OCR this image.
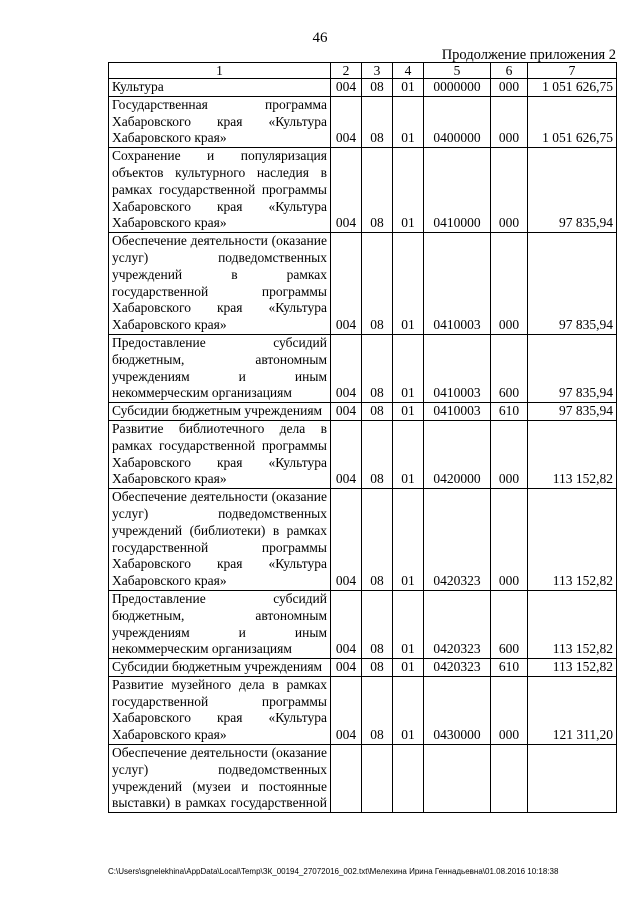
46
Продолжение приложения 2
1	2	3	4	5	6	7
Культура	004	08	01	0000000	000	1 051 626,75
Государственная программа Хабаровского края «Культура Хабаровского края»	004	08	01	0400000	000	1 051 626,75
Сохранение и популяризация объектов культурного наследия в рамках государственной программы Хабаровского края «Культура Хабаровского края»	004	08	01	0410000	000	97 835,94
Обеспечение деятельности (оказание услуг) подведомственных учреждений в рамках государственной программы Хабаровского края «Культура Хабаровского края»	004	08	01	0410003	000	97 835,94
Предоставление субсидий бюджетным, автономным учреждениям и иным некоммерческим организациям	004	08	01	0410003	600	97 835,94
Субсидии бюджетным учреждениям	004	08	01	0410003	610	97 835,94
Развитие библиотечного дела в рамках государственной программы Хабаровского края «Культура Хабаровского края»	004	08	01	0420000	000	113 152,82
Обеспечение деятельности (оказание услуг) подведомственных учреждений (библиотеки) в рамках государственной программы Хабаровского края «Культура Хабаровского края»	004	08	01	0420323	000	113 152,82
Предоставление субсидий бюджетным, автономным учреждениям и иным некоммерческим организациям	004	08	01	0420323	600	113 152,82
Субсидии бюджетным учреждениям	004	08	01	0420323	610	113 152,82
Развитие музейного дела в рамках государственной программы Хабаровского края «Культура Хабаровского края»	004	08	01	0430000	000	121 311,20
Обеспечение деятельности (оказание услуг) подведомственных учреждений (музеи и постоянные выставки) в рамках государственной						
C:\Users\sgnelekhina\AppData\Local\Temp\ЗК_00194_27072016_002.txt\Мелехина Ирина Геннадьевна\01.08.2016 10:18:38
